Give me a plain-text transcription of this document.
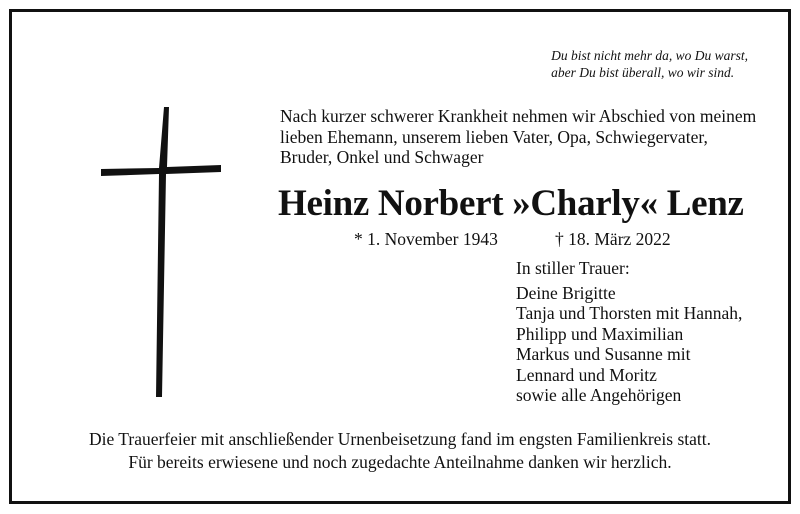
Du bist nicht mehr da, wo Du warst,
aber Du bist überall, wo wir sind.
Nach kurzer schwerer Krankheit nehmen wir Abschied von meinem
lieben Ehemann, unserem lieben Vater, Opa, Schwiegervater,
Bruder, Onkel und Schwager
Heinz Norbert »Charly« Lenz
* 1. November 1943	† 18. März 2022
In stiller Trauer:
Deine Brigitte
Tanja und Thorsten mit Hannah,
Philipp und Maximilian
Markus und Susanne mit
Lennard und Moritz
sowie alle Angehörigen
Die Trauerfeier mit anschließender Urnenbeisetzung fand im engsten Familienkreis statt.
Für bereits erwiesene und noch zugedachte Anteilnahme danken wir herzlich.
